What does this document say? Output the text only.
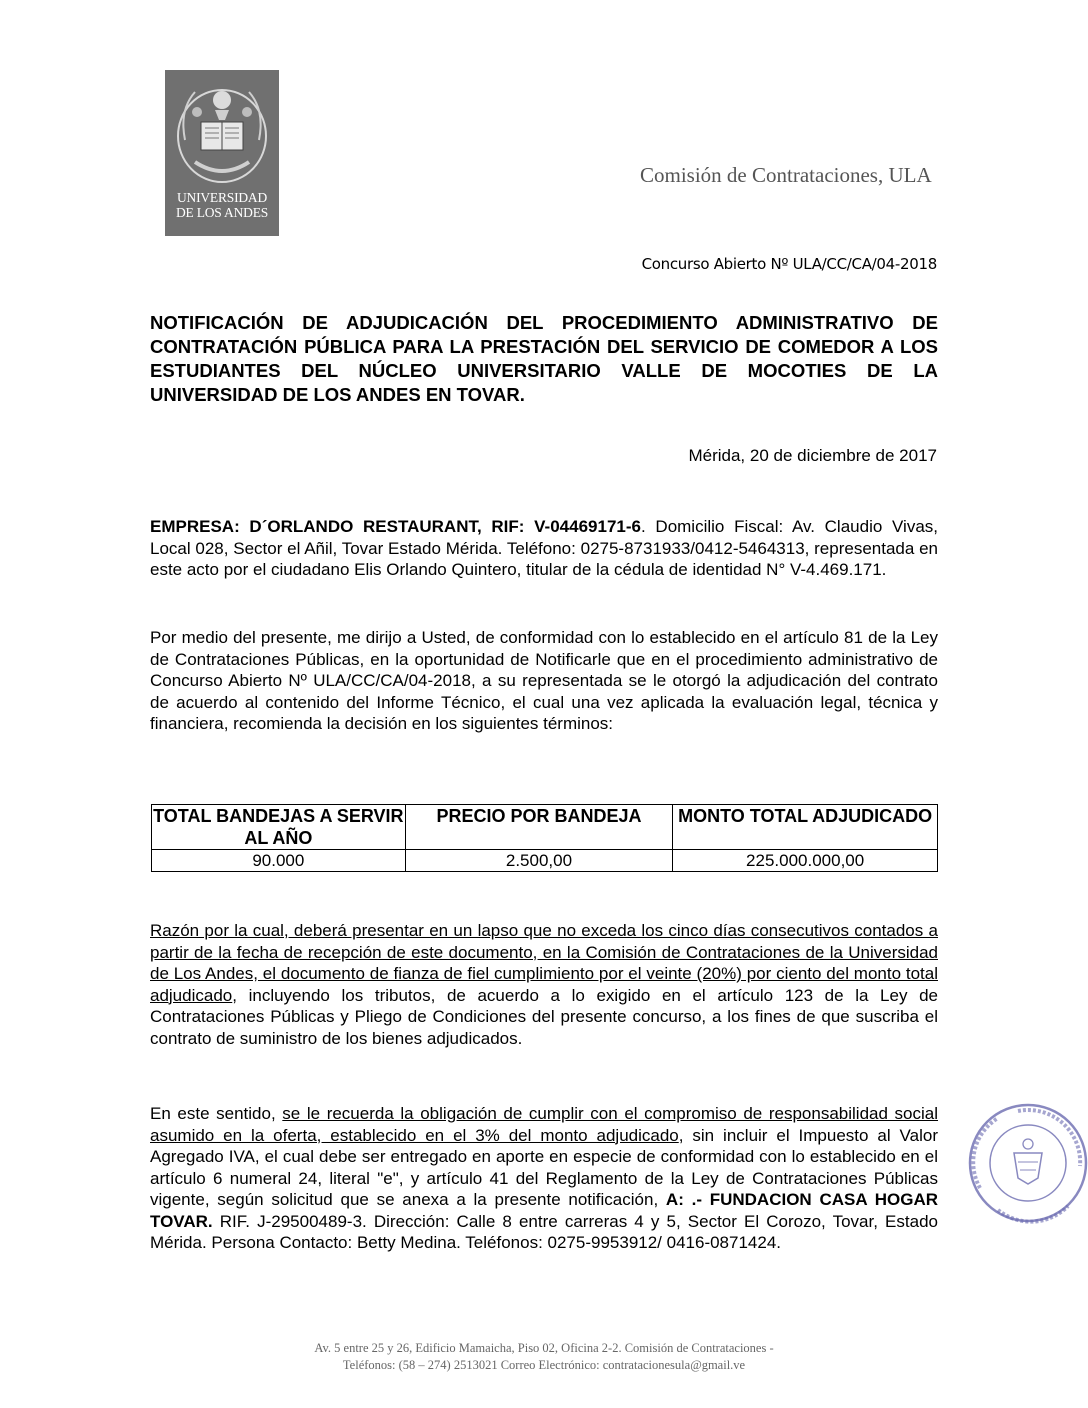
UNIVERSIDAD
DE LOS ANDES
Comisión de Contrataciones, ULA
Concurso Abierto Nº ULA/CC/CA/04-2018
NOTIFICACIÓN DE ADJUDICACIÓN DEL PROCEDIMIENTO ADMINISTRATIVO DE CONTRATACIÓN PÚBLICA PARA LA PRESTACIÓN DEL SERVICIO DE COMEDOR A LOS ESTUDIANTES DEL NÚCLEO UNIVERSITARIO VALLE DE MOCOTIES DE LA UNIVERSIDAD DE LOS ANDES EN TOVAR.
Mérida, 20 de diciembre de 2017
EMPRESA: D´ORLANDO RESTAURANT, RIF: V-04469171-6. Domicilio Fiscal: Av. Claudio Vivas, Local 028, Sector el Añil, Tovar Estado Mérida. Teléfono: 0275-8731933/0412-5464313, representada en este acto por el ciudadano Elis Orlando Quintero, titular de la cédula de identidad N° V-4.469.171.
Por medio del presente, me dirijo a Usted, de conformidad con lo establecido en el artículo 81 de la Ley de Contrataciones Públicas, en la oportunidad de Notificarle que en el procedimiento administrativo de Concurso Abierto Nº ULA/CC/CA/04-2018, a su representada se le otorgó la adjudicación del contrato de acuerdo al contenido del Informe Técnico, el cual una vez aplicada la evaluación legal, técnica y financiera, recomienda la decisión en los siguientes términos:
TOTAL BANDEJAS A SERVIR AL AÑO	PRECIO POR BANDEJA	MONTO TOTAL ADJUDICADO
90.000	2.500,00	225.000.000,00
Razón por la cual, deberá presentar en un lapso que no exceda los cinco días consecutivos contados a partir de la fecha de recepción de este documento, en la Comisión de Contrataciones de la Universidad de Los Andes, el documento de fianza de fiel cumplimiento por el veinte (20%) por ciento del monto total adjudicado, incluyendo los tributos, de acuerdo a lo exigido en el artículo 123 de la Ley de Contrataciones Públicas y Pliego de Condiciones del presente concurso, a los fines de que suscriba el contrato de suministro de los bienes adjudicados.
En este sentido, se le recuerda la obligación de cumplir con el compromiso de responsabilidad social asumido en la oferta, establecido en el 3% del monto adjudicado, sin incluir el Impuesto al Valor Agregado IVA, el cual debe ser entregado en aporte en especie de conformidad con lo establecido en el artículo 6 numeral 24, literal "e", y artículo 41 del Reglamento de la Ley de Contrataciones Públicas vigente, según solicitud que se anexa a la presente notificación, A: .- FUNDACION CASA HOGAR TOVAR. RIF. J-29500489-3. Dirección: Calle 8 entre carreras 4 y 5, Sector El Corozo, Tovar, Estado Mérida. Persona Contacto: Betty Medina. Teléfonos: 0275-9953912/ 0416-0871424.
Av. 5 entre 25 y 26, Edificio Mamaicha, Piso 02, Oficina 2-2. Comisión de Contrataciones -
Teléfonos: (58 – 274) 2513021 Correo Electrónico: contratacionesula@gmail.ve
